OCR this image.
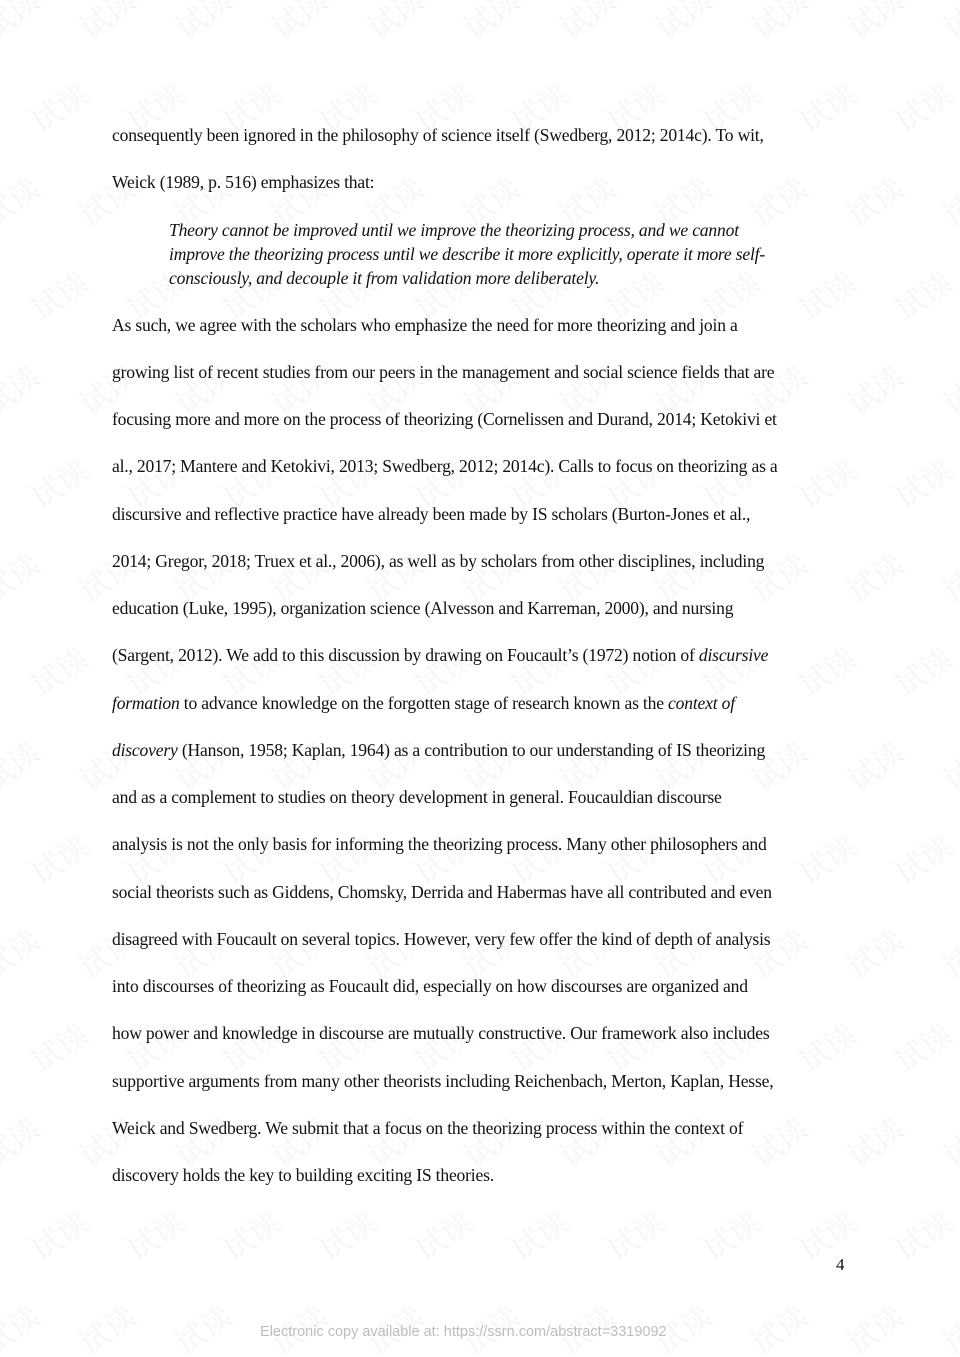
consequently been ignored in the philosophy of science itself (Swedberg, 2012; 2014c). To wit,
Weick (1989, p. 516) emphasizes that:
Theory cannot be improved until we improve the theorizing process, and we cannot
improve the theorizing process until we describe it more explicitly, operate it more self-
consciously, and decouple it from validation more deliberately.
As such, we agree with the scholars who emphasize the need for more theorizing and join a
growing list of recent studies from our peers in the management and social science fields that are
focusing more and more on the process of theorizing (Cornelissen and Durand, 2014; Ketokivi et
al., 2017; Mantere and Ketokivi, 2013; Swedberg, 2012; 2014c). Calls to focus on theorizing as a
discursive and reflective practice have already been made by IS scholars (Burton-Jones et al.,
2014; Gregor, 2018; Truex et al., 2006), as well as by scholars from other disciplines, including
education (Luke, 1995), organization science (Alvesson and Karreman, 2000), and nursing
(Sargent, 2012). We add to this discussion by drawing on Foucault’s (1972) notion of discursive
formation to advance knowledge on the forgotten stage of research known as the context of
discovery (Hanson, 1958; Kaplan, 1964) as a contribution to our understanding of IS theorizing
and as a complement to studies on theory development in general. Foucauldian discourse
analysis is not the only basis for informing the theorizing process. Many other philosophers and
social theorists such as Giddens, Chomsky, Derrida and Habermas have all contributed and even
disagreed with Foucault on several topics. However, very few offer the kind of depth of analysis
into discourses of theorizing as Foucault did, especially on how discourses are organized and
how power and knowledge in discourse are mutually constructive. Our framework also includes
supportive arguments from many other theorists including Reichenbach, Merton, Kaplan, Hesse,
Weick and Swedberg. We submit that a focus on the theorizing process within the context of
discovery holds the key to building exciting IS theories.
4
Electronic copy available at: https://ssrn.com/abstract=3319092
